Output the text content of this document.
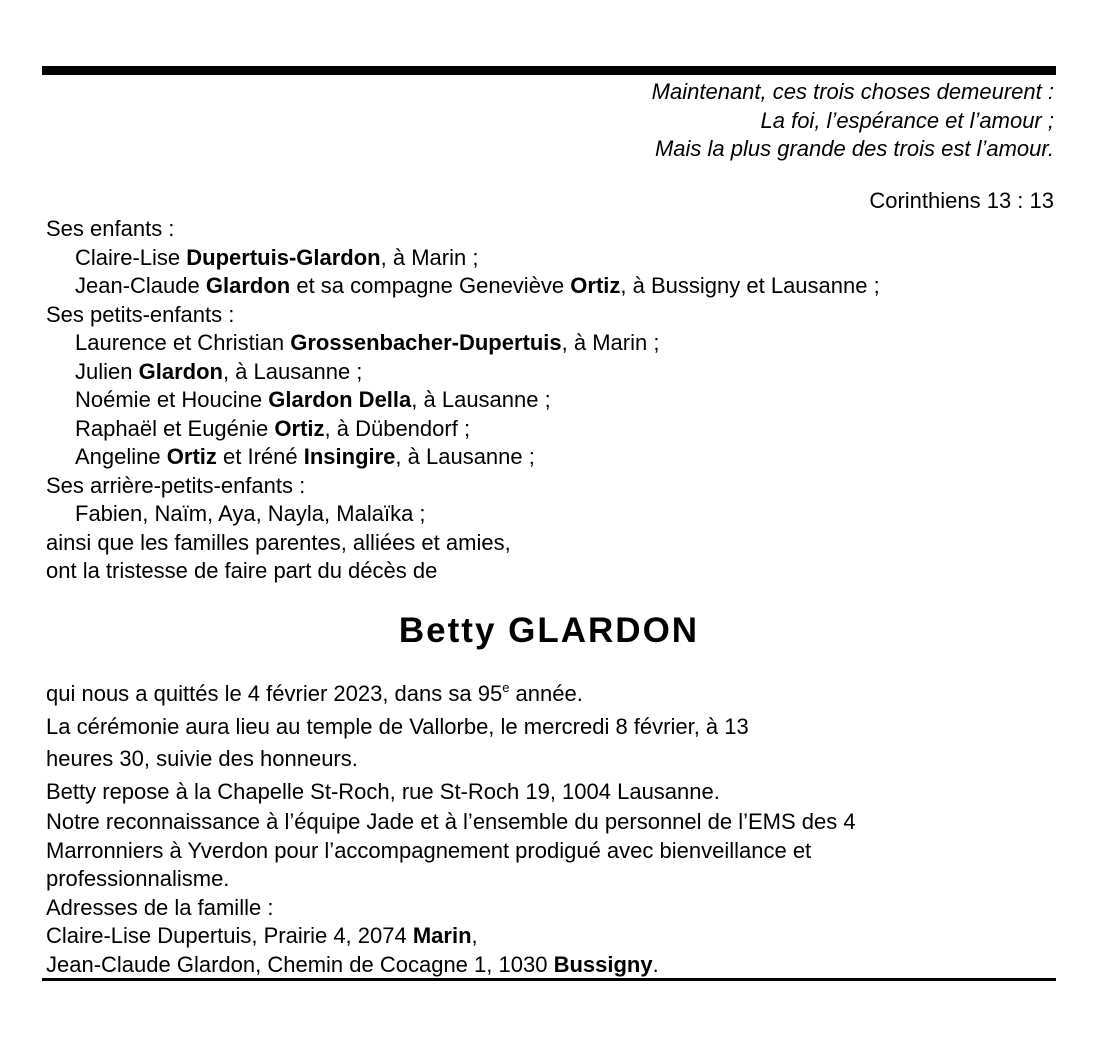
Maintenant, ces trois choses demeurent :
La foi, l’espérance et l’amour ;
Mais la plus grande des trois est l’amour.
Corinthiens 13 : 13
Ses enfants :
Claire-Lise Dupertuis-Glardon, à Marin ;
Jean-Claude Glardon et sa compagne Geneviève Ortiz, à Bussigny et Lausanne ;
Ses petits-enfants :
Laurence et Christian Grossenbacher-Dupertuis, à Marin ;
Julien Glardon, à Lausanne ;
Noémie et Houcine Glardon Della, à Lausanne ;
Raphaël et Eugénie Ortiz, à Dübendorf ;
Angeline Ortiz et Iréné Insingire, à Lausanne ;
Ses arrière-petits-enfants :
Fabien, Naïm, Aya, Nayla, Malaïka ;
ainsi que les familles parentes, alliées et amies,
ont la tristesse de faire part du décès de
Betty GLARDON
qui nous a quittés le 4 février 2023, dans sa 95e année.
La cérémonie aura lieu au temple de Vallorbe, le mercredi 8 février, à 13
heures 30, suivie des honneurs.
Betty repose à la Chapelle St-Roch, rue St-Roch 19, 1004 Lausanne.
Notre reconnaissance à l’équipe Jade et à l’ensemble du personnel de l’EMS des 4
Marronniers à Yverdon pour l’accompagnement prodigué avec bienveillance et
professionnalisme.
Adresses de la famille :
Claire-Lise Dupertuis, Prairie 4, 2074 Marin,
Jean-Claude Glardon, Chemin de Cocagne 1, 1030 Bussigny.
